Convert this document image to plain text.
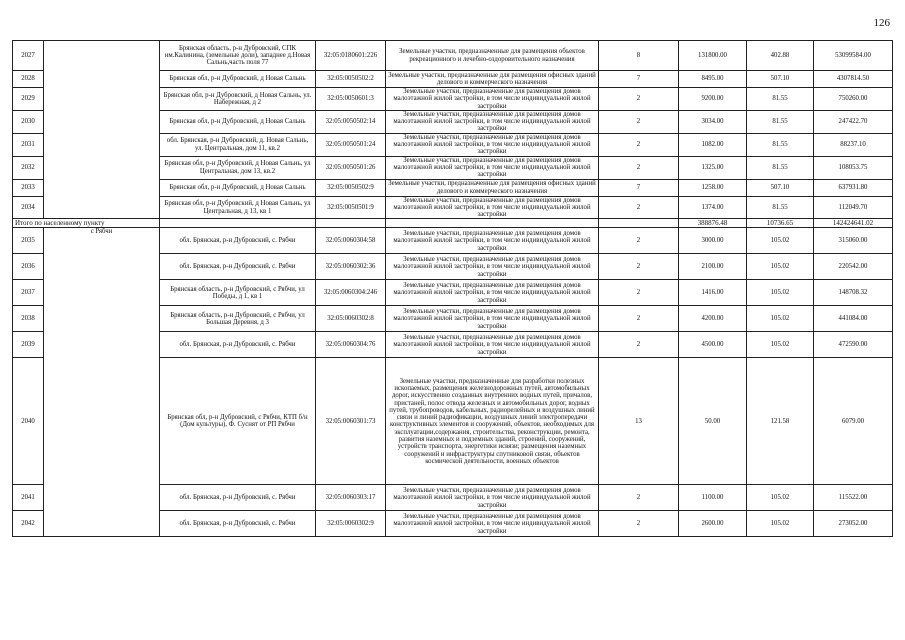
126
2027		Брянская область, р-н Дубровский, СПК им.Калинина, (земельные доли), западнее д.Новая Сальнь,часть поля 77	32:05:0180601:226	Земельные участки, предназначенные для размещения объектов рекреационного и лечебно-оздоровительного назначения	8	131800.00	402.88	53099584.00
2028		Брянская обл, р-н Дубровский, д Новая Сальнь	32:05:0050502:2	Земельные участки, предназначенные для размещения офисных зданий делового и коммерческого назначения	7	8495.00	507.10	4307814.50
2029		Брянская обл, р-н Дубровский, д Новая Сальнь, ул. Набережная, д 2	32:05:0050601:3	Земельные участки, предназначенные для размещения домов малоэтажной жилой застройки, в том числе индивидуальной жилой застройки	2	9200.00	81.55	750260.00
2030		Брянская обл, р-н Дубровский, д Новая Сальнь	32:05:0050502:14	Земельные участки, предназначенные для размещения домов малоэтажной жилой застройки, в том числе индивидуальной жилой застройки	2	3034.00	81.55	247422.70
2031		обл. Брянская, р-н Дубровский, д. Новая Сальнь, ул. Центральная, дом 11, кв.2	32:05:0050501:24	Земельные участки, предназначенные для размещения домов малоэтажной жилой застройки, в том числе индивидуальной жилой застройки	2	1082.00	81.55	88237.10
2032		Брянская обл, р-н Дубровский, д Новая Сальнь, ул Центральная, дом 13, кв.2	32:05:0050501:26	Земельные участки, предназначенные для размещения домов малоэтажной жилой застройки, в том числе индивидуальной жилой застройки	2	1325.00	81.55	108053.75
2033		Брянская обл, р-н Дубровский, д Новая Сальнь	32:05:0050502:9	Земельные участки, предназначенные для размещения офисных зданий делового и коммерческого назначения	7	1258.00	507.10	637931.80
2034		Брянская обл, р-н Дубровский, д Новая Сальнь, ул Центральная, д 13, кв 1	32:05:0050501:9	Земельные участки, предназначенные для размещения домов малоэтажной жилой застройки, в том числе индивидуальной жилой застройки	2	1374.00	81.55	112049.70
Итого по населенному пункту						388876.48	10736.65	142424641.02
2035	с Рябчи	обл. Брянская, р-н Дубровский, с. Рябчи	32:05:0060304:58	Земельные участки, предназначенные для размещения домов малоэтажной жилой застройки, в том числе индивидуальной жилой застройки	2	3000.00	105.02	315060.00
2036		обл. Брянская, р-н Дубровский, с. Рябчи	32:05:0060302:36	Земельные участки, предназначенные для размещения домов малоэтажной жилой застройки, в том числе индивидуальной жилой застройки	2	2100.00	105.02	220542.00
2037		Брянская область, р-н Дубровский, с Рябчи, ул Победы, д 1, кв 1	32:05:0060304:246	Земельные участки, предназначенные для размещения домов малоэтажной жилой застройки, в том числе индивидуальной жилой застройки	2	1416.00	105.02	148708.32
2038		Брянская область, р-н Дубровский, с Рябчи, ул Большая Деревня, д 3	32:05:0060302:8	Земельные участки, предназначенные для размещения домов малоэтажной жилой застройки, в том числе индивидуальной жилой застройки	2	4200.00	105.02	441084.00
2039		обл. Брянская, р-н Дубровский, с. Рябчи	32:05:0060304:76	Земельные участки, предназначенные для размещения домов малоэтажной жилой застройки, в том числе индивидуальной жилой застройки	2	4500.00	105.02	472590.00
2040		Брянская обл, р-н Дубровский, с Рябчи, КТП б/н (Дом культуры), Ф. Суснят от РП Рябчи	32:05:0060301:73	Земельные участки, предназначенные для разработки полезных ископаемых, размещения железнодорожных путей, автомобильных дорог, искусственно созданных внутренних водных путей, причалов, пристаней, полос отвода железных и автомобильных дорог, водных путей, трубопроводов, кабельных, радиорелейных и воздушных линий связи и линий радиофикации, воздушных линий электропередачи конструктивных элементов и сооружений, объектов, необходимых для эксплуатации,содержания, строительства, реконструкции, ремонта, развития наземных и подземных зданий, строений, сооружений, устройств транспорта, энергетики исвязи; размещения наземных сооружений и инфраструктуры спутниковой связи, объектов космической деятельности, военных объектов	13	50.00	121.58	6079.00
2041		обл. Брянская, р-н Дубровский, с. Рябчи	32:05:0060303:17	Земельные участки, предназначенные для размещения домов малоэтажной жилой застройки, в том числе индивидуальной жилой застройки	2	1100.00	105.02	115522.00
2042		обл. Брянская, р-н Дубровский, с. Рябчи	32:05:0060302:9	Земельные участки, предназначенные для размещения домов малоэтажной жилой застройки, в том числе индивидуальной жилой застройки	2	2600.00	105.02	273052.00
